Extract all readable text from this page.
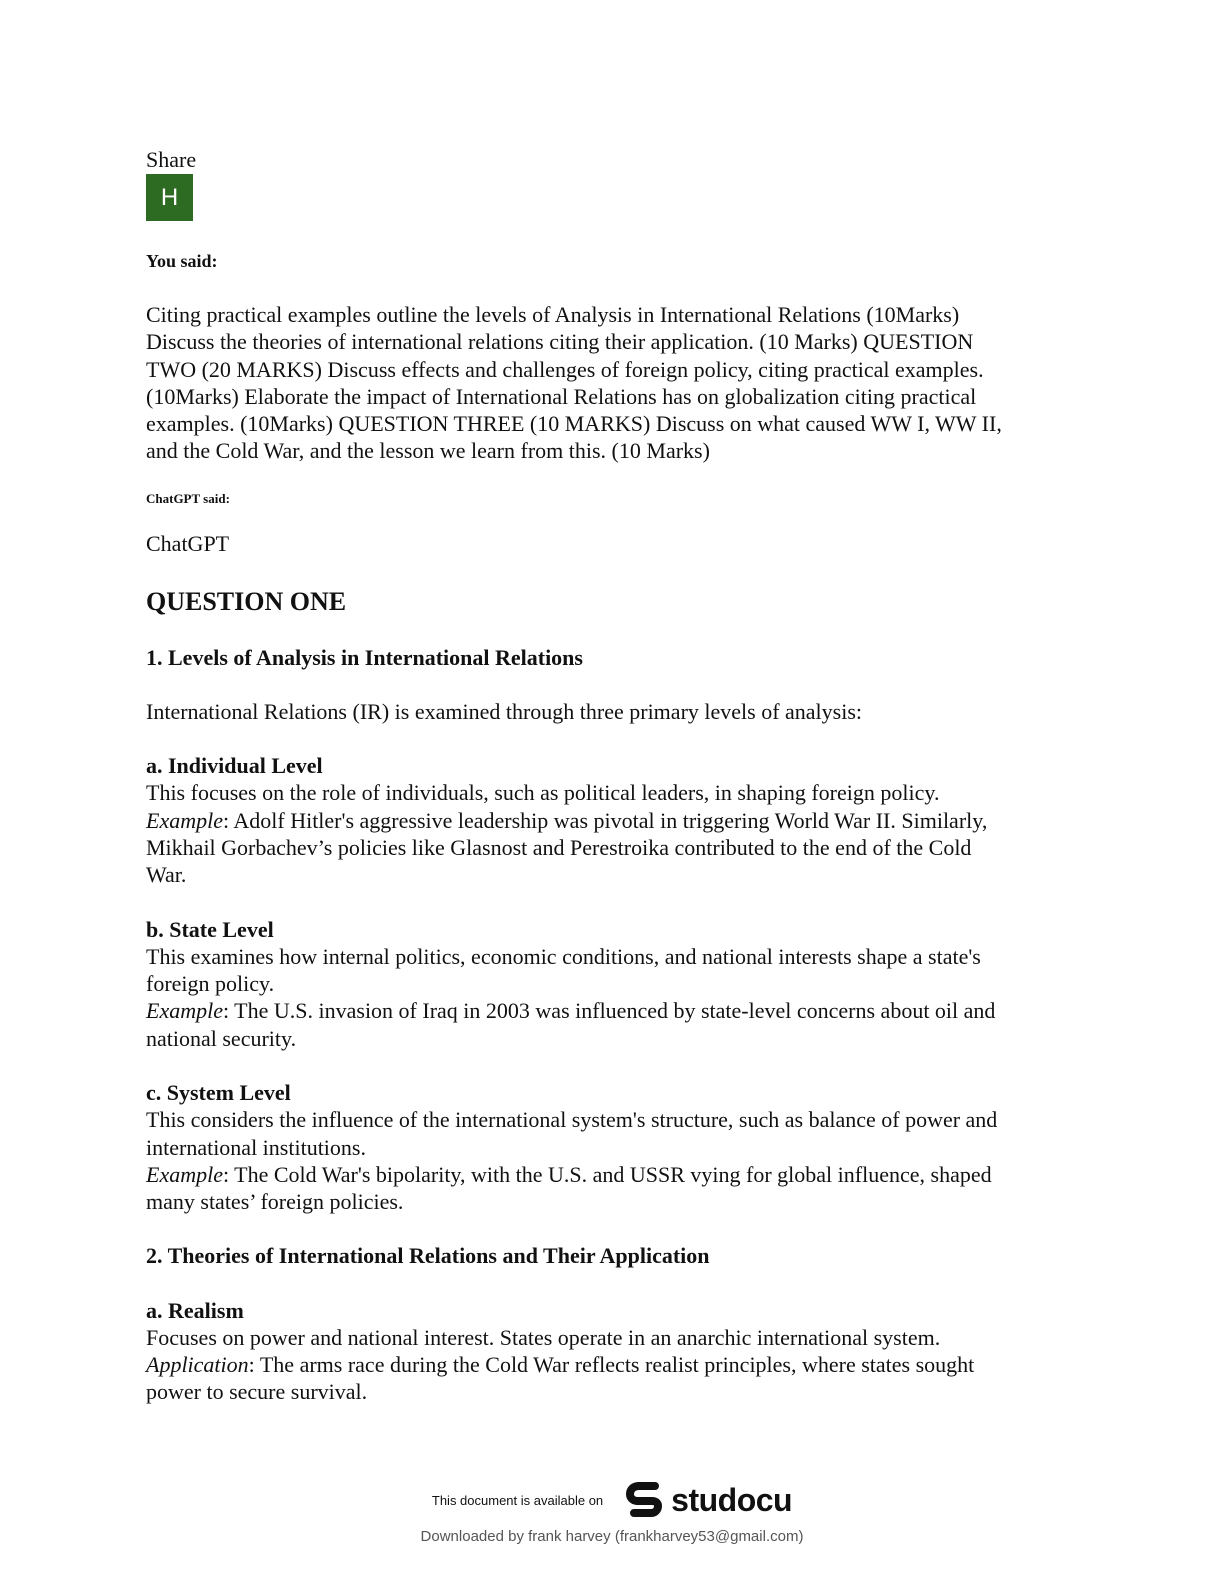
Share
H
You said:
Citing practical examples outline the levels of Analysis in International Relations (10Marks)
Discuss the theories of international relations citing their application. (10 Marks) QUESTION
TWO (20 MARKS) Discuss effects and challenges of foreign policy, citing practical examples.
(10Marks) Elaborate the impact of International Relations has on globalization citing practical
examples. (10Marks) QUESTION THREE (10 MARKS) Discuss on what caused WW I, WW II,
and the Cold War, and the lesson we learn from this. (10 Marks)
ChatGPT said:
ChatGPT
QUESTION ONE
1. Levels of Analysis in International Relations
International Relations (IR) is examined through three primary levels of analysis:
a. Individual Level

This focuses on the role of individuals, such as political leaders, in shaping foreign policy.

Example: Adolf Hitler's aggressive leadership was pivotal in triggering World War II. Similarly,

Mikhail Gorbachev’s policies like Glasnost and Perestroika contributed to the end of the Cold

War.

b. State Level

This examines how internal politics, economic conditions, and national interests shape a state's

foreign policy.

Example: The U.S. invasion of Iraq in 2003 was influenced by state-level concerns about oil and

national security.

c. System Level

This considers the influence of the international system's structure, such as balance of power and

international institutions.

Example: The Cold War's bipolarity, with the U.S. and USSR vying for global influence, shaped

many states’ foreign policies.

2. Theories of International Relations and Their Application
a. Realism

Focuses on power and national interest. States operate in an anarchic international system.

Application: The arms race during the Cold War reflects realist principles, where states sought

power to secure survival.

This document is available on studocu
Downloaded by frank harvey (frankharvey53@gmail.com)
